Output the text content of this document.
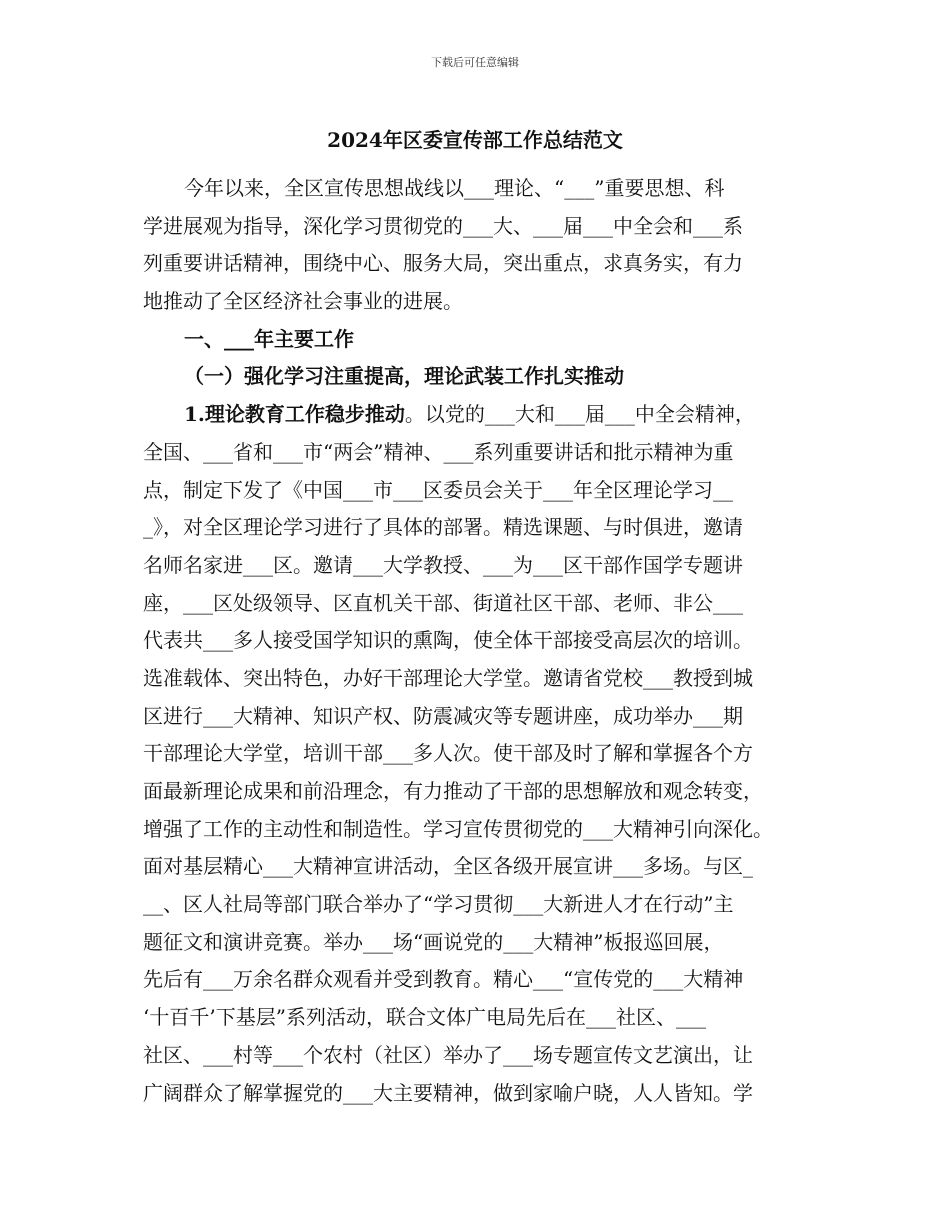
下载后可任意编辑
2024年区委宣传部工作总结范文
今年以来，全区宣传思想战线以___理论、“___”重要思想、科
学进展观为指导，深化学习贯彻党的___大、___届___中全会和___系
列重要讲话精神，围绕中心、服务大局，突出重点，求真务实，有力
地推动了全区经济社会事业的进展。
一、___年主要工作
（一）强化学习注重提高，理论武装工作扎实推动
1.理论教育工作稳步推动。以党的___大和___届___中全会精神，
全国、___省和___市“两会”精神、___系列重要讲话和批示精神为重
点，制定下发了《中国___市___区委员会关于___年全区理论学习__
_》，对全区理论学习进行了具体的部署。精选课题、与时俱进，邀请
名师名家进___区。邀请___大学教授、___为___区干部作国学专题讲
座，___区处级领导、区直机关干部、街道社区干部、老师、非公___
代表共___多人接受国学知识的熏陶，使全体干部接受高层次的培训。
选准载体、突出特色，办好干部理论大学堂。邀请省党校___教授到城
区进行___大精神、知识产权、防震减灾等专题讲座，成功举办___期
干部理论大学堂，培训干部___多人次。使干部及时了解和掌握各个方
面最新理论成果和前沿理念，有力推动了干部的思想解放和观念转变，
增强了工作的主动性和制造性。学习宣传贯彻党的___大精神引向深化。
面对基层精心___大精神宣讲活动，全区各级开展宣讲___多场。与区_
__、区人社局等部门联合举办了“学习贯彻___大新进人才在行动”主
题征文和演讲竞赛。举办___场“画说党的___大精神”板报巡回展，
先后有___万余名群众观看并受到教育。精心___“宣传党的___大精神
‘十百千’下基层”系列活动，联合文体广电局先后在___社区、___
社区、___村等___个农村（社区）举办了___场专题宣传文艺演出，让
广阔群众了解掌握党的___大主要精神，做到家喻户晓，人人皆知。学
